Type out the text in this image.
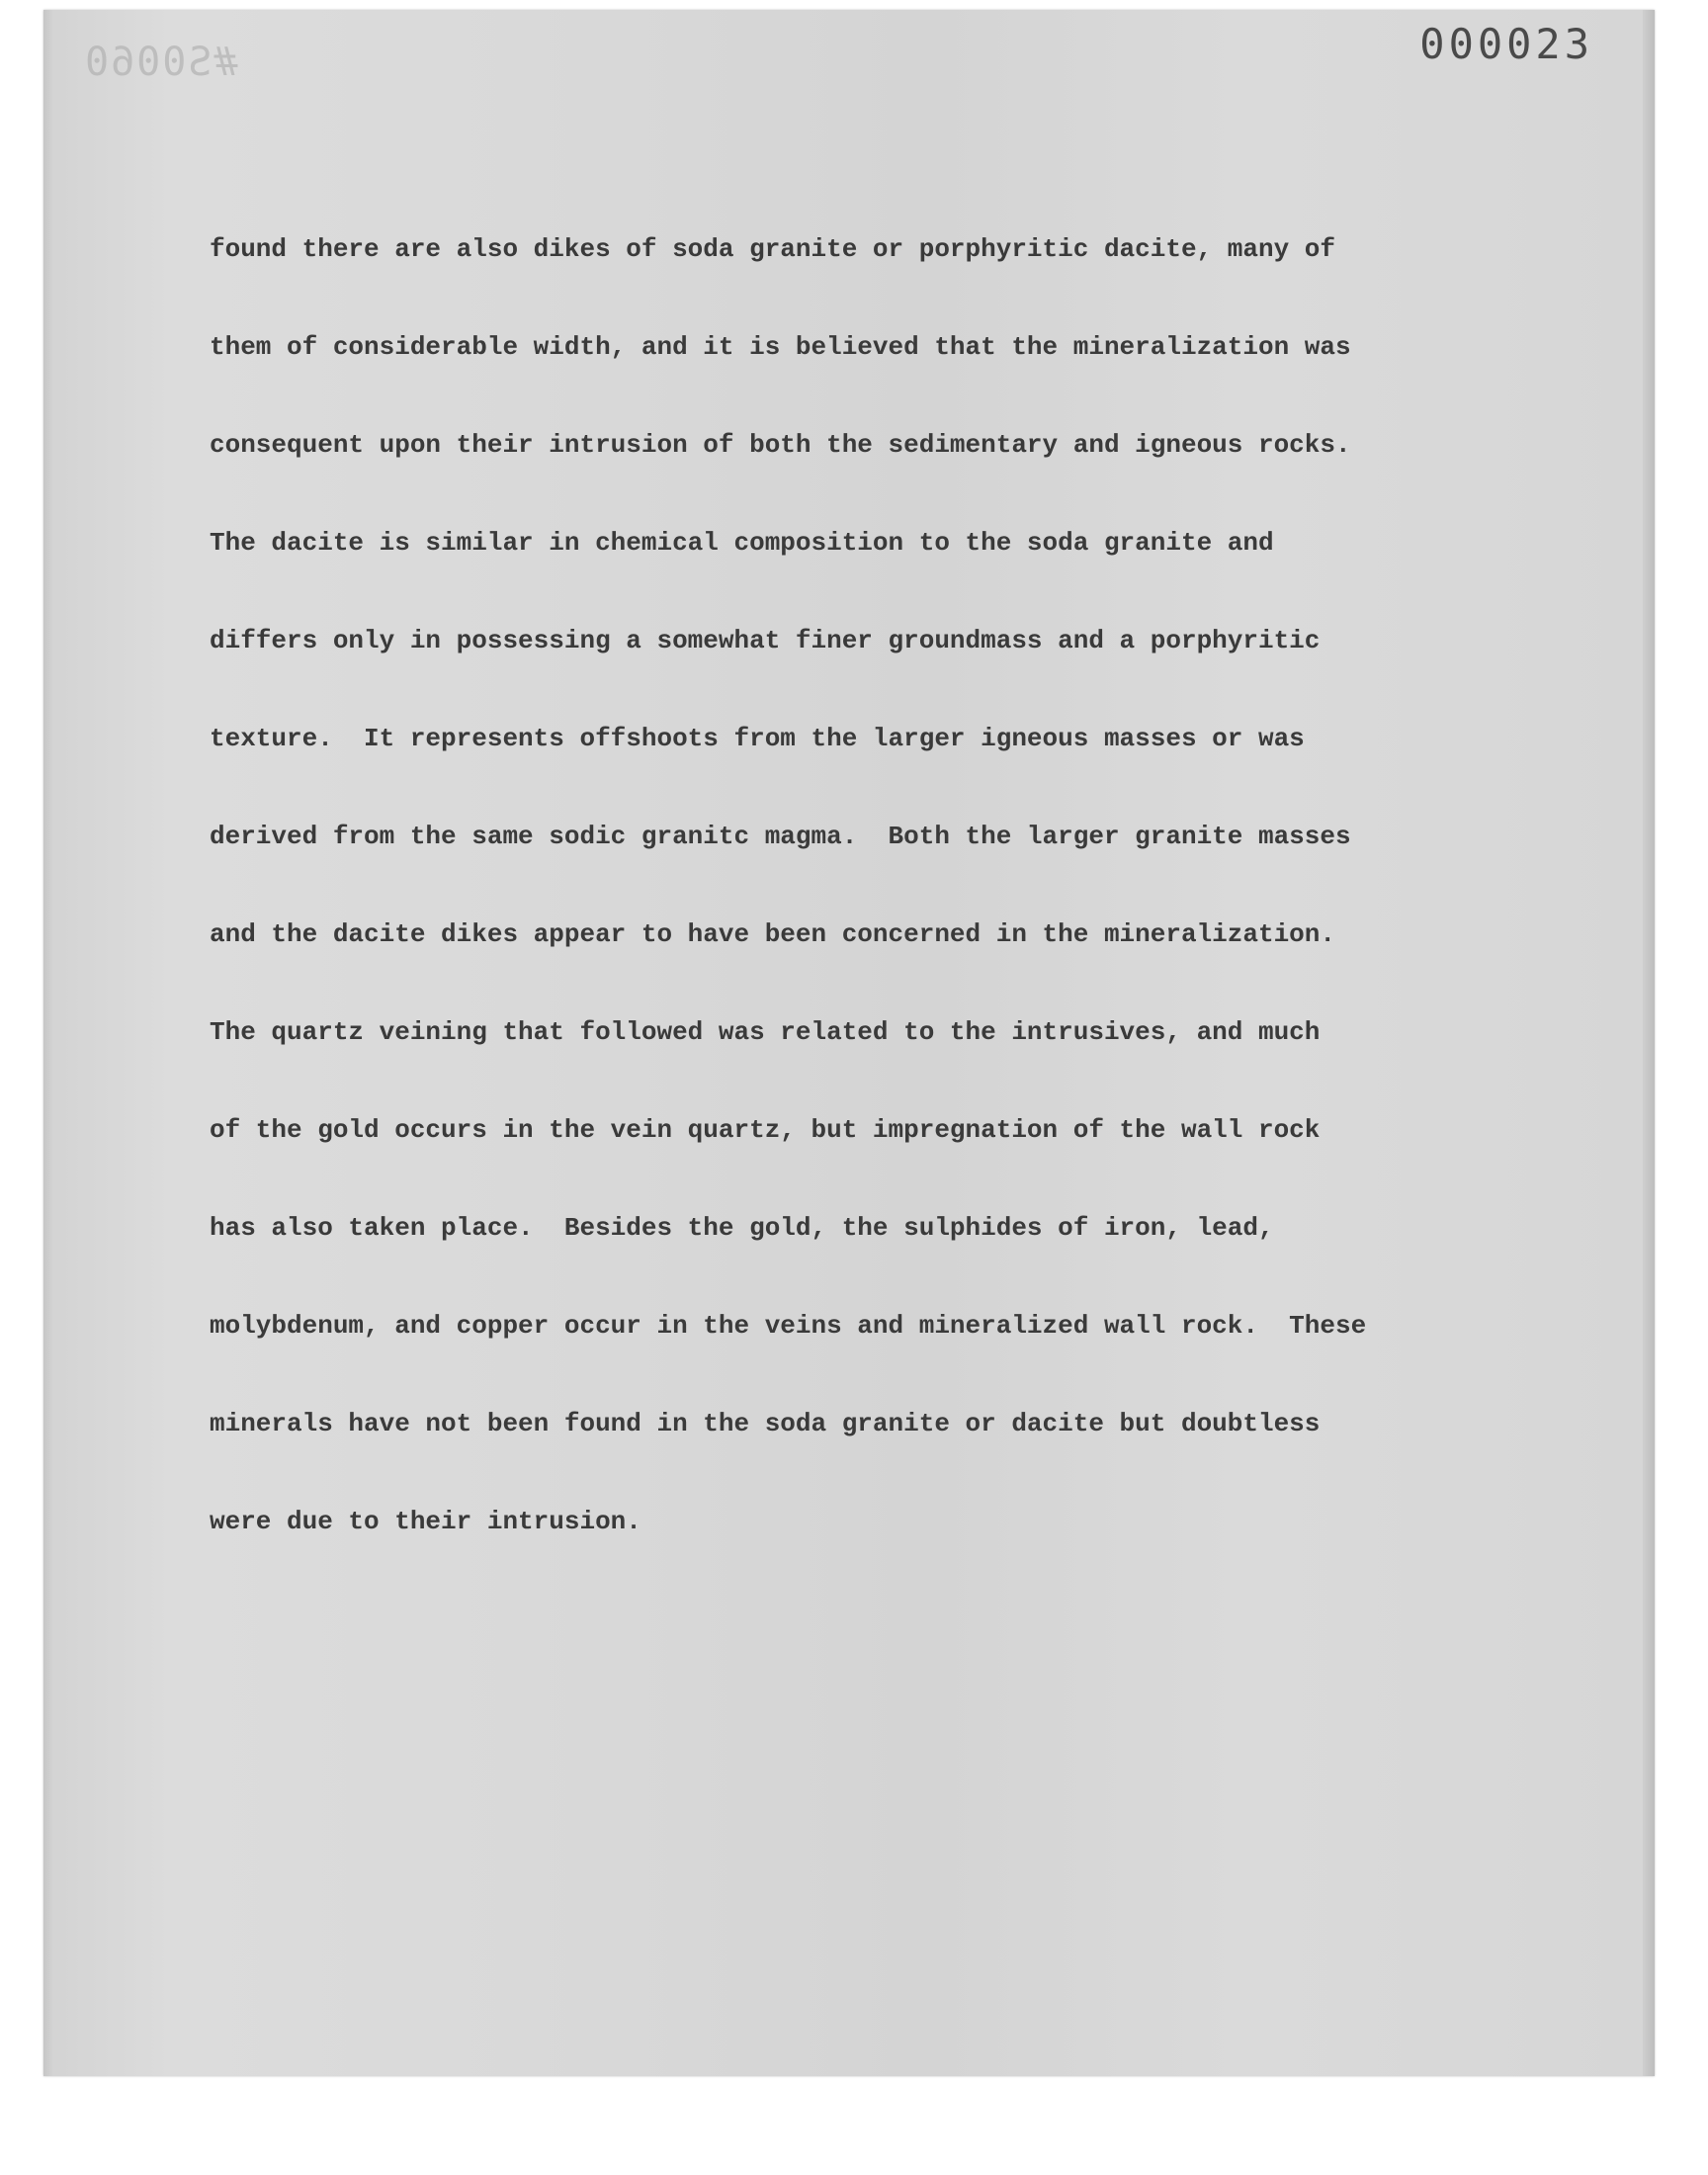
#S0060	000023

found there are also dikes of soda granite or porphyritic dacite, many of

them of considerable width, and it is believed that the mineralization was

consequent upon their intrusion of both the sedimentary and igneous rocks.

The dacite is similar in chemical composition to the soda granite and

differs only in possessing a somewhat finer groundmass and a porphyritic

texture.  It represents offshoots from the larger igneous masses or was

derived from the same sodic granitc magma.  Both the larger granite masses

and the dacite dikes appear to have been concerned in the mineralization.

The quartz veining that followed was related to the intrusives, and much

of the gold occurs in the vein quartz, but impregnation of the wall rock

has also taken place.  Besides the gold, the sulphides of iron, lead,

molybdenum, and copper occur in the veins and mineralized wall rock.  These

minerals have not been found in the soda granite or dacite but doubtless

were due to their intrusion.
